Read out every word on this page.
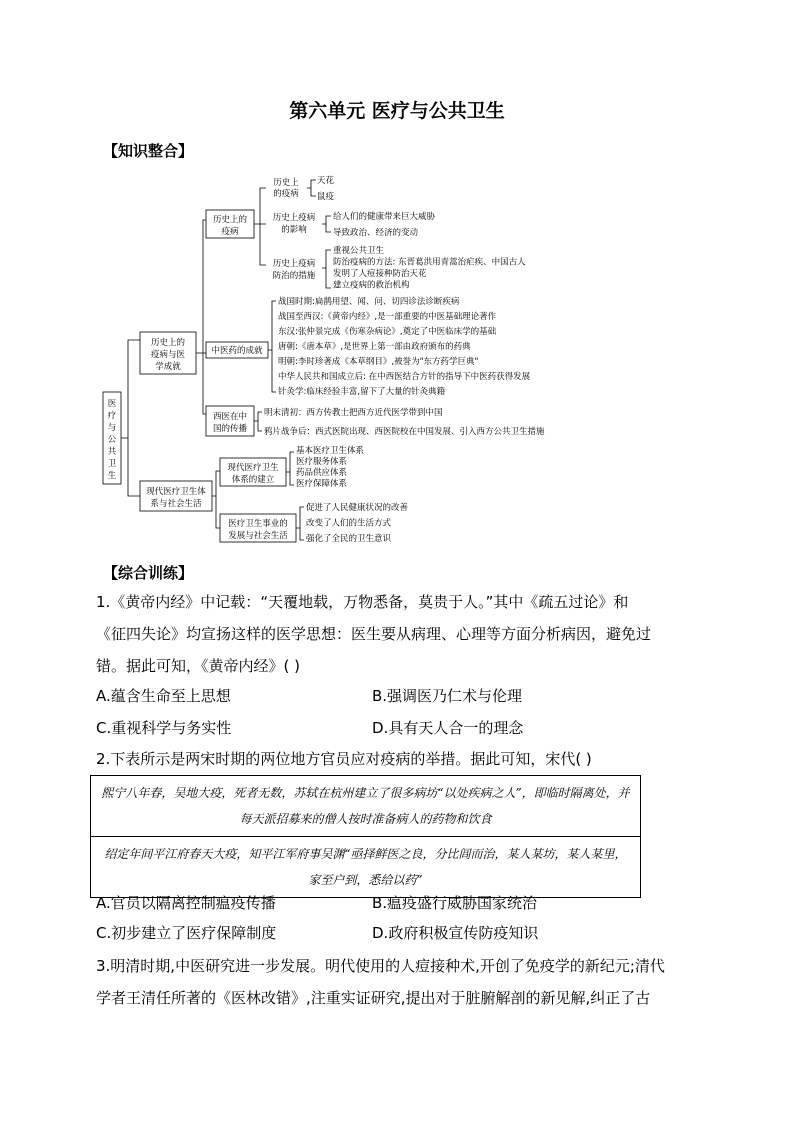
第六单元 医疗与公共卫生
【知识整合】
医
疗
与
公
共
卫
生
历史上的
疫病与医
学成就
历史上的
疫病
历史上
的疫病
天花
鼠疫
历史上疫病
的影响
给人们的健康带来巨大威胁
导致政治、经济的变动
历史上疫病
防治的措施
重视公共卫生
防治疫病的方法: 东晋葛洪用青蒿治疟疾、中国古人
发明了人痘接种防治天花
建立疫病的救治机构
中医药的成就
战国时期:扁鹊用望、闻、问、切四诊法诊断疾病
战国至西汉:《黄帝内经》,是一部重要的中医基础理论著作
东汉:张仲景完成《伤寒杂病论》,奠定了中医临床学的基础
唐朝:《唐本草》,是世界上第一部由政府颁布的药典
明朝:李时珍著成《本草纲目》,被誉为"东方药学巨典"
中华人民共和国成立后: 在中西医结合方针的指导下中医药获得发展
针灸学:临床经验丰富,留下了大量的针灸典籍
西医在中
国的传播
明末清初：西方传教士把西方近代医学带到中国
鸦片战争后：西式医院出现、西医院校在中国发展、引入西方公共卫生措施
现代医疗卫生体
系与社会生活
现代医疗卫生
体系的建立
基本医疗卫生体系
医疗服务体系
药品供应体系
医疗保障体系
医疗卫生事业的
发展与社会生活
促进了人民健康状况的改善
改变了人们的生活方式
强化了全民的卫生意识
【综合训练】
1.《黄帝内经》中记载：“天覆地载，万物悉备，莫贵于人。”其中《疏五过论》和
《征四失论》均宣扬这样的医学思想：医生要从病理、心理等方面分析病因，避免过
错。据此可知，《黄帝内经》( )
A.蕴含生命至上思想	B.强调医乃仁术与伦理
C.重视科学与务实性	D.具有天人合一的理念
2.下表所示是两宋时期的两位地方官员应对疫病的举措。据此可知，宋代( )
熙宁八年春，吴地大疫，死者无数，苏轼在杭州建立了很多病坊“以处疾病之人”，即临时隔离处，并每天派招募来的僧人按时准备病人的药物和饮食
绍定年间平江府春天大疫，知平江军府事吴渊“亟择鲜医之良，分比闾而治，某人某坊，某人某里，家至户到，悉给以药”
A.官员以隔离控制瘟疫传播	B.瘟疫盛行威胁国家统治
C.初步建立了医疗保障制度	D.政府积极宣传防疫知识
3.明清时期,中医研究进一步发展。明代使用的人痘接种术,开创了免疫学的新纪元;清代
学者王清任所著的《医林改错》,注重实证研究,提出对于脏腑解剖的新见解,纠正了古
